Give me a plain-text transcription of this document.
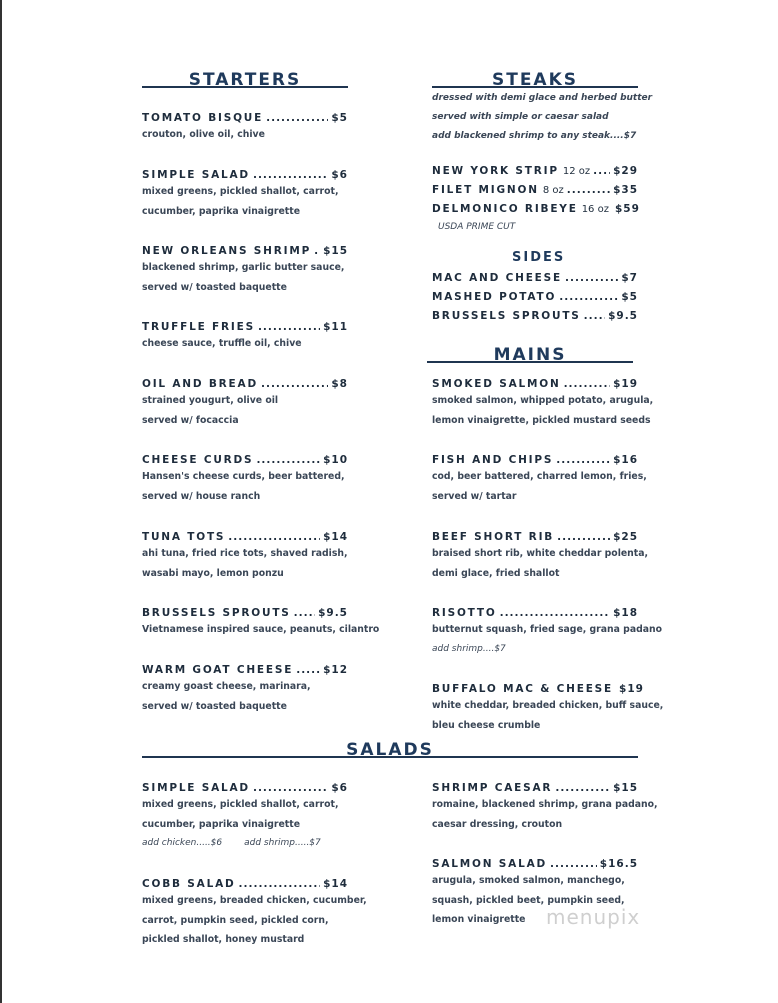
STARTERS	STEAKS
SIDES
MAINS
SALADS
dressed with demi glace and herbed butter
served with simple or caesar salad
add blackened shrimp to any steak....$7
USDA PRIME CUT
menupix
TOMATO BISQUE .....	$5
crouton, olive oil, chive
SIMPLE SALAD .....	$6
mixed greens, pickled shallot, carrot,
cucumber, paprika vinaigrette
NEW ORLEANS SHRIMP ..... $15
blackened shrimp, garlic butter sauce,
served w/ toasted baquette
TRUFFLE FRIES .....	$11
cheese sauce, truffle oil, chive
OIL AND BREAD .....	$8
strained yougurt, olive oil
served w/ focaccia
CHEESE CURDS .....	$10
Hansen's cheese curds, beer battered,
served w/ house ranch
TUNA TOTS .....	$14
ahi tuna, fried rice tots, shaved radish,
wasabi mayo, lemon ponzu
BRUSSELS SPROUTS .....	$9.5
Vietnamese inspired sauce, peanuts, cilantro
WARM GOAT CHEESE .....	$12
creamy goast cheese, marinara,
served w/ toasted baquette
NEW YORK STRIP 12 oz ..... $29
FILET MIGNON 8 oz .....	$35
DELMONICO RIBEYE 16 oz $59
MAC AND CHEESE .....	$7
MASHED POTATO .....	$5
BRUSSELS SPROUTS .....	$9.5
SMOKED SALMON .....	$19
smoked salmon, whipped potato, arugula,
lemon vinaigrette, pickled mustard seeds
FISH AND CHIPS .....	$16
cod, beer battered, charred lemon, fries,
served w/ tartar
BEEF SHORT RIB .....	$25
braised short rib, white cheddar polenta,
demi glace, fried shallot
RISOTTO .....	$18
butternut squash, fried sage, grana padano
add shrimp....$7
BUFFALO MAC & CHEESE $19
white cheddar, breaded chicken, buff sauce,
bleu cheese crumble
SIMPLE SALAD .....	$6
mixed greens, pickled shallot, carrot,
cucumber, paprika vinaigrette
add chicken.....$6 add shrimp.....$7
COBB SALAD .....	$14
mixed greens, breaded chicken, cucumber,
carrot, pumpkin seed, pickled corn,
pickled shallot, honey mustard
SHRIMP CAESAR .....	$15
romaine, blackened shrimp, grana padano,
caesar dressing, crouton
SALMON SALAD .....	$16.5
arugula, smoked salmon, manchego,
squash, pickled beet, pumpkin seed,
lemon vinaigrette
